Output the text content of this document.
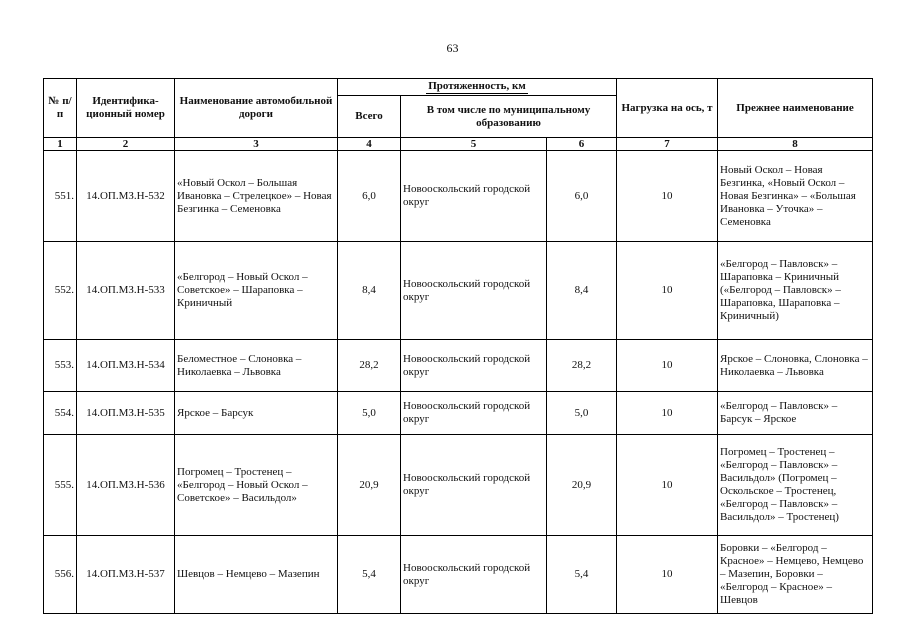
63
№ п/п	Идентифика-ционный номер	Наименование автомобильной дороги	Протяженность, км			Нагрузка на ось, т	Прежнее наименование
			Всего	В том числе по муниципальному образованию			
1	2	3	4	5	6	7	8
551.	14.ОП.МЗ.Н-532	«Новый Оскол – Большая Ивановка – Стрелецкое» – Новая Безгинка – Семеновка	6,0	Новооскольский городской округ	6,0	10	Новый Оскол – Новая Безгинка, «Новый Оскол – Новая Безгинка» – «Большая Ивановка – Уточка» – Семеновка
552.	14.ОП.МЗ.Н-533	«Белгород – Новый Оскол – Советское» – Шараповка – Криничный	8,4	Новооскольский городской округ	8,4	10	«Белгород – Павловск» – Шараповка – Криничный («Белгород – Павловск» – Шараповка, Шараповка – Криничный)
553.	14.ОП.МЗ.Н-534	Беломестное – Слоновка – Николаевка – Львовка	28,2	Новооскольский городской округ	28,2	10	Ярское – Слоновка, Слоновка – Николаевка – Львовка
554.	14.ОП.МЗ.Н-535	Ярское – Барсук	5,0	Новооскольский городской округ	5,0	10	«Белгород – Павловск» – Барсук – Ярское
555.	14.ОП.МЗ.Н-536	Погромец – Тростенец – «Белгород – Новый Оскол – Советское» – Васильдол»	20,9	Новооскольский городской округ	20,9	10	Погромец – Тростенец – «Белгород – Павловск» – Васильдол» (Погромец – Оскольское – Тростенец, «Белгород – Павловск» – Васильдол» – Тростенец)
556.	14.ОП.МЗ.Н-537	Шевцов – Немцево – Мазепин	5,4	Новооскольский городской округ	5,4	10	Боровки – «Белгород – Красное» – Немцево, Немцево – Мазепин, Боровки – «Белгород – Красное» – Шевцов
